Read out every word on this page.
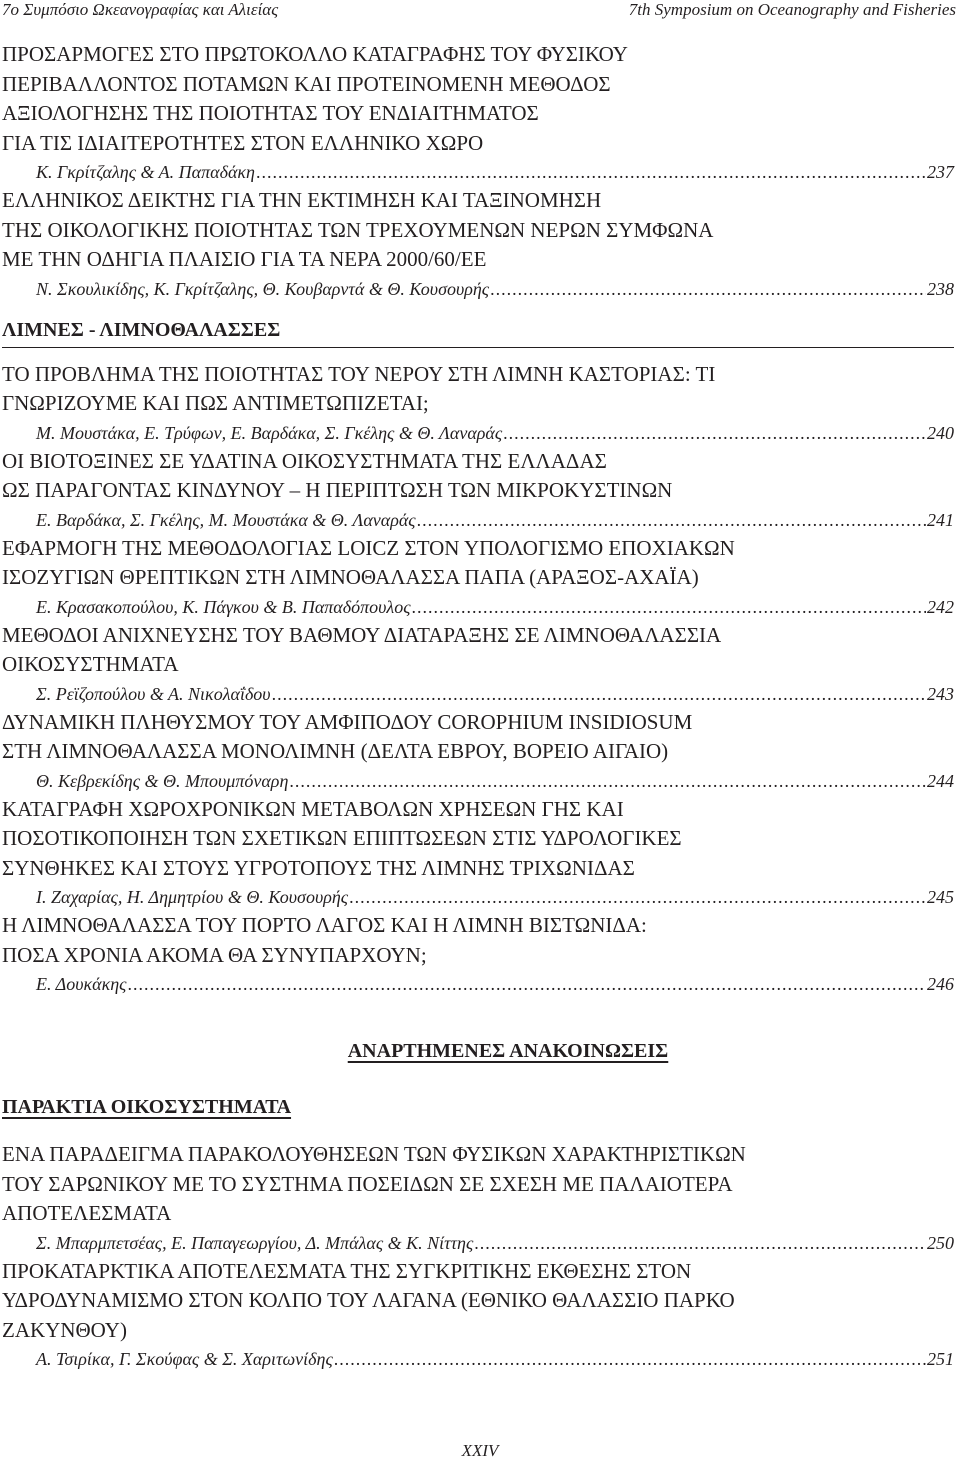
7ο Συμπόσιο Ωκεανογραφίας και Αλιείας	7th Symposium on Oceanography and Fisheries
ΠΡΟΣΑΡΜΟΓΕΣ ΣΤΟ ΠΡΩΤΟΚΟΛΛΟ ΚΑΤΑΓΡΑΦΗΣ ΤΟΥ ΦΥΣΙΚΟΥ
ΠΕΡΙΒΑΛΛΟΝΤΟΣ ΠΟΤΑΜΩΝ ΚΑΙ ΠΡΟΤΕΙΝΟΜΕΝΗ ΜΕΘΟΔΟΣ
ΑΞΙΟΛΟΓΗΣΗΣ ΤΗΣ ΠΟΙΟΤΗΤΑΣ ΤΟΥ ΕΝΔΙΑΙΤΗΜΑΤΟΣ
ΓΙΑ ΤΙΣ ΙΔΙΑΙΤΕΡΟΤΗΤΕΣ ΣΤΟΝ ΕΛΛΗΝΙΚΟ ΧΩΡΟ
Κ. Γκρίτζαλης & Α. Παπαδάκη .....	237
ΕΛΛΗΝΙΚΟΣ ΔΕΙΚΤΗΣ ΓΙΑ ΤΗΝ ΕΚΤΙΜΗΣΗ ΚΑΙ ΤΑΞΙΝΟΜΗΣΗ
ΤΗΣ ΟΙΚΟΛΟΓΙΚΗΣ ΠΟΙΟΤΗΤΑΣ ΤΩΝ ΤΡΕΧΟΥΜΕΝΩΝ ΝΕΡΩΝ ΣΥΜΦΩΝΑ
ΜΕ ΤΗΝ ΟΔΗΓΙΑ ΠΛΑΙΣΙΟ ΓΙΑ ΤΑ ΝΕΡΑ 2000/60/ΕΕ
Ν. Σκουλικίδης, Κ. Γκρίτζαλης, Θ. Κουβαρντά & Θ. Κουσουρής .....	238
ΛΙΜΝΕΣ - ΛΙΜΝΟΘΑΛΑΣΣΕΣ
ΤΟ ΠΡΟΒΛΗΜΑ ΤΗΣ ΠΟΙΟΤΗΤΑΣ ΤΟΥ ΝΕΡΟΥ ΣΤΗ ΛΙΜΝΗ ΚΑΣΤΟΡΙΑΣ: ΤΙ
ΓΝΩΡΙΖΟΥΜΕ ΚΑΙ ΠΩΣ ΑΝΤΙΜΕΤΩΠΙΖΕΤΑΙ;
Μ. Μουστάκα, Ε. Τρύφων, Ε. Βαρδάκα, Σ. Γκέλης & Θ. Λαναράς .....	240
ΟΙ ΒΙΟΤΟΞΙΝΕΣ ΣΕ ΥΔΑΤΙΝΑ ΟΙΚΟΣΥΣΤΗΜΑΤΑ ΤΗΣ ΕΛΛΑΔΑΣ
ΩΣ ΠΑΡΑΓΟΝΤΑΣ ΚΙΝΔΥΝΟΥ – Η ΠΕΡΙΠΤΩΣΗ ΤΩΝ ΜΙΚΡΟΚΥΣΤΙΝΩΝ
Ε. Βαρδάκα, Σ. Γκέλης, Μ. Μουστάκα & Θ. Λαναράς .....	241
ΕΦΑΡΜΟΓΗ ΤΗΣ ΜΕΘΟΔΟΛΟΓΙΑΣ LOICZ ΣΤΟΝ ΥΠΟΛΟΓΙΣΜΟ ΕΠΟΧΙΑΚΩΝ
ΙΣΟΖΥΓΙΩΝ ΘΡΕΠΤΙΚΩΝ ΣΤΗ ΛΙΜΝΟΘΑΛΑΣΣΑ ΠΑΠΑ (ΑΡΑΞΟΣ-ΑΧΑΪΑ)
Ε. Κρασακοπούλου, Κ. Πάγκου & Β. Παπαδόπουλος .....	242
ΜΕΘΟΔΟΙ ΑΝΙΧΝΕΥΣΗΣ ΤΟΥ ΒΑΘΜΟΥ ΔΙΑΤΑΡΑΞΗΣ ΣΕ ΛΙΜΝΟΘΑΛΑΣΣΙΑ
ΟΙΚΟΣΥΣΤΗΜΑΤΑ
Σ. Ρεϊζοπούλου & Α. Νικολαΐδου .....	243
ΔΥΝΑΜΙΚΗ ΠΛΗΘΥΣΜΟΥ ΤΟΥ ΑΜΦΙΠΟΔΟΥ COROPHIUM INSIDIOSUM
ΣΤΗ ΛΙΜΝΟΘΑΛΑΣΣΑ ΜΟΝΟΛΙΜΝΗ (ΔΕΛΤΑ ΕΒΡΟΥ, ΒΟΡΕΙΟ ΑΙΓΑΙΟ)
Θ. Κεβρεκίδης & Θ. Μπουμπόναρη .....	244
ΚΑΤΑΓΡΑΦΗ ΧΩΡΟΧΡΟΝΙΚΩΝ ΜΕΤΑΒΟΛΩΝ ΧΡΗΣΕΩΝ ΓΗΣ ΚΑΙ
ΠΟΣΟΤΙΚΟΠΟΙΗΣΗ ΤΩΝ ΣΧΕΤΙΚΩΝ ΕΠΙΠΤΩΣΕΩΝ ΣΤΙΣ ΥΔΡΟΛΟΓΙΚΕΣ
ΣΥΝΘΗΚΕΣ ΚΑΙ ΣΤΟΥΣ ΥΓΡΟΤΟΠΟΥΣ ΤΗΣ ΛΙΜΝΗΣ ΤΡΙΧΩΝΙΔΑΣ
Ι. Ζαχαρίας, Η. Δημητρίου & Θ. Κουσουρής .....	245
Η ΛΙΜΝΟΘΑΛΑΣΣΑ ΤΟΥ ΠΟΡΤΟ ΛΑΓΟΣ ΚΑΙ Η ΛΙΜΝΗ ΒΙΣΤΩΝΙΔΑ:
ΠΟΣΑ ΧΡΟΝΙΑ ΑΚΟΜΑ ΘΑ ΣΥΝΥΠΑΡΧΟΥΝ;
Ε. Δουκάκης .....	246
ΑΝΑΡΤΗΜΕΝΕΣ ΑΝΑΚΟΙΝΩΣΕΙΣ
ΠΑΡΑΚΤΙΑ ΟΙΚΟΣΥΣΤΗΜΑΤΑ
ΕΝΑ ΠΑΡΑΔΕΙΓΜΑ ΠΑΡΑΚΟΛΟΥΘΗΣΕΩΝ ΤΩΝ ΦΥΣΙΚΩΝ ΧΑΡΑΚΤΗΡΙΣΤΙΚΩΝ
ΤΟΥ ΣΑΡΩΝΙΚΟΥ ΜΕ ΤΟ ΣΥΣΤΗΜΑ ΠΟΣΕΙΔΩΝ ΣΕ ΣΧΕΣΗ ΜΕ ΠΑΛΑΙΟΤΕΡΑ
ΑΠΟΤΕΛΕΣΜΑΤΑ
Σ. Μπαρμπετσέας, Ε. Παπαγεωργίου, Δ. Μπάλας & Κ. Νίττης .....	250
ΠΡΟΚΑΤΑΡΚΤΙΚΑ ΑΠΟΤΕΛΕΣΜΑΤΑ ΤΗΣ ΣΥΓΚΡΙΤΙΚΗΣ ΕΚΘΕΣΗΣ ΣΤΟΝ
ΥΔΡΟΔΥΝΑΜΙΣΜΟ ΣΤΟΝ ΚΟΛΠΟ ΤΟΥ ΛΑΓΑΝΑ (ΕΘΝΙΚΟ ΘΑΛΑΣΣΙΟ ΠΑΡΚΟ
ΖΑΚΥΝΘΟΥ)
Α. Τσιρίκα, Γ. Σκούφας & Σ. Χαριτωνίδης .....	251
XXIV
